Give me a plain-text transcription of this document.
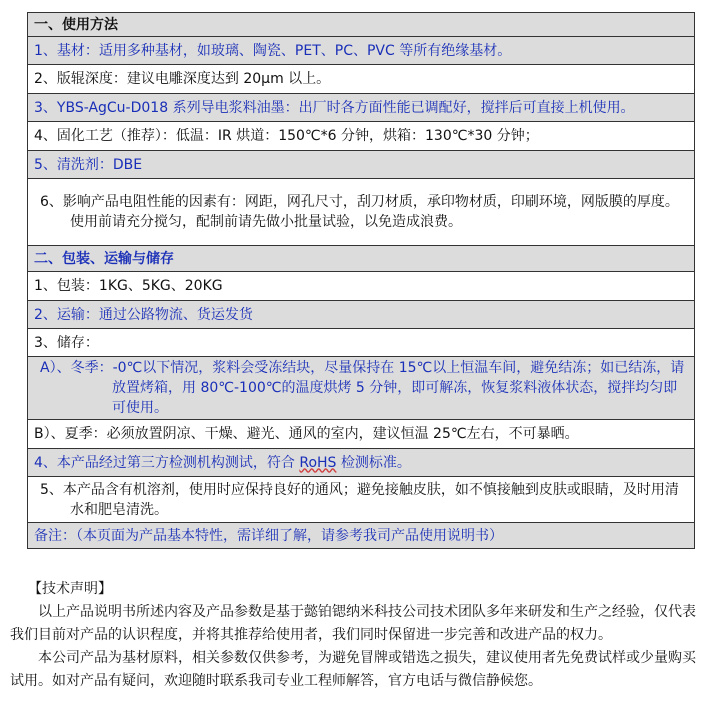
一、使用方法
1、基材：适用多种基材，如玻璃、陶瓷、PET、PC、PVC 等所有绝缘基材。
2、版辊深度：建议电雕深度达到 20μm 以上。
3、YBS-AgCu-D018 系列导电浆料油墨：出厂时各方面性能已调配好，搅拌后可直接上机使用。
4、固化工艺（推荐）：低温：IR 烘道：150℃*6 分钟，烘箱：130℃*30 分钟；
5、清洗剂：DBE

6、影响产品电阻性能的因素有：网距，网孔尺寸，刮刀材质，承印物材质，印刷环境，网版膜的厚度。使用前请充分搅匀，配制前请先做小批量试验，以免造成浪费。

二、包装、运输与储存
1、包装：1KG、5KG、20KG
2、运输：通过公路物流、货运发货
3、储存：

A）、冬季：-0℃以下情况，浆料会受冻结块，尽量保持在 15℃以上恒温车间，避免结冻；如已结冻，请放置烤箱，用 80℃-100℃的温度烘烤 5 分钟，即可解冻，恢复浆料液体状态，搅拌均匀即可使用。

B）、夏季：必须放置阴凉、干燥、避光、通风的室内，建议恒温 25℃左右，不可暴晒。
4、本产品经过第三方检测机构测试，符合 RoHS 检测标准。

5、本产品含有机溶剂，使用时应保持良好的通风；避免接触皮肤，如不慎接触到皮肤或眼睛，及时用清水和肥皂清洗。

备注：（本页面为产品基本特性，需详细了解，请参考我司产品使用说明书）

【技术声明】

以上产品说明书所述内容及产品参数是基于懿铂锶纳米科技公司技术团队多年来研发和生产之经验，仅代表我们目前对产品的认识程度，并将其推荐给使用者，我们同时保留进一步完善和改进产品的权力。

本公司产品为基材原料，相关参数仅供参考，为避免冒牌或错选之损失，建议使用者先免费试样或少量购买试用。如对产品有疑问，欢迎随时联系我司专业工程师解答，官方电话与微信静候您。
